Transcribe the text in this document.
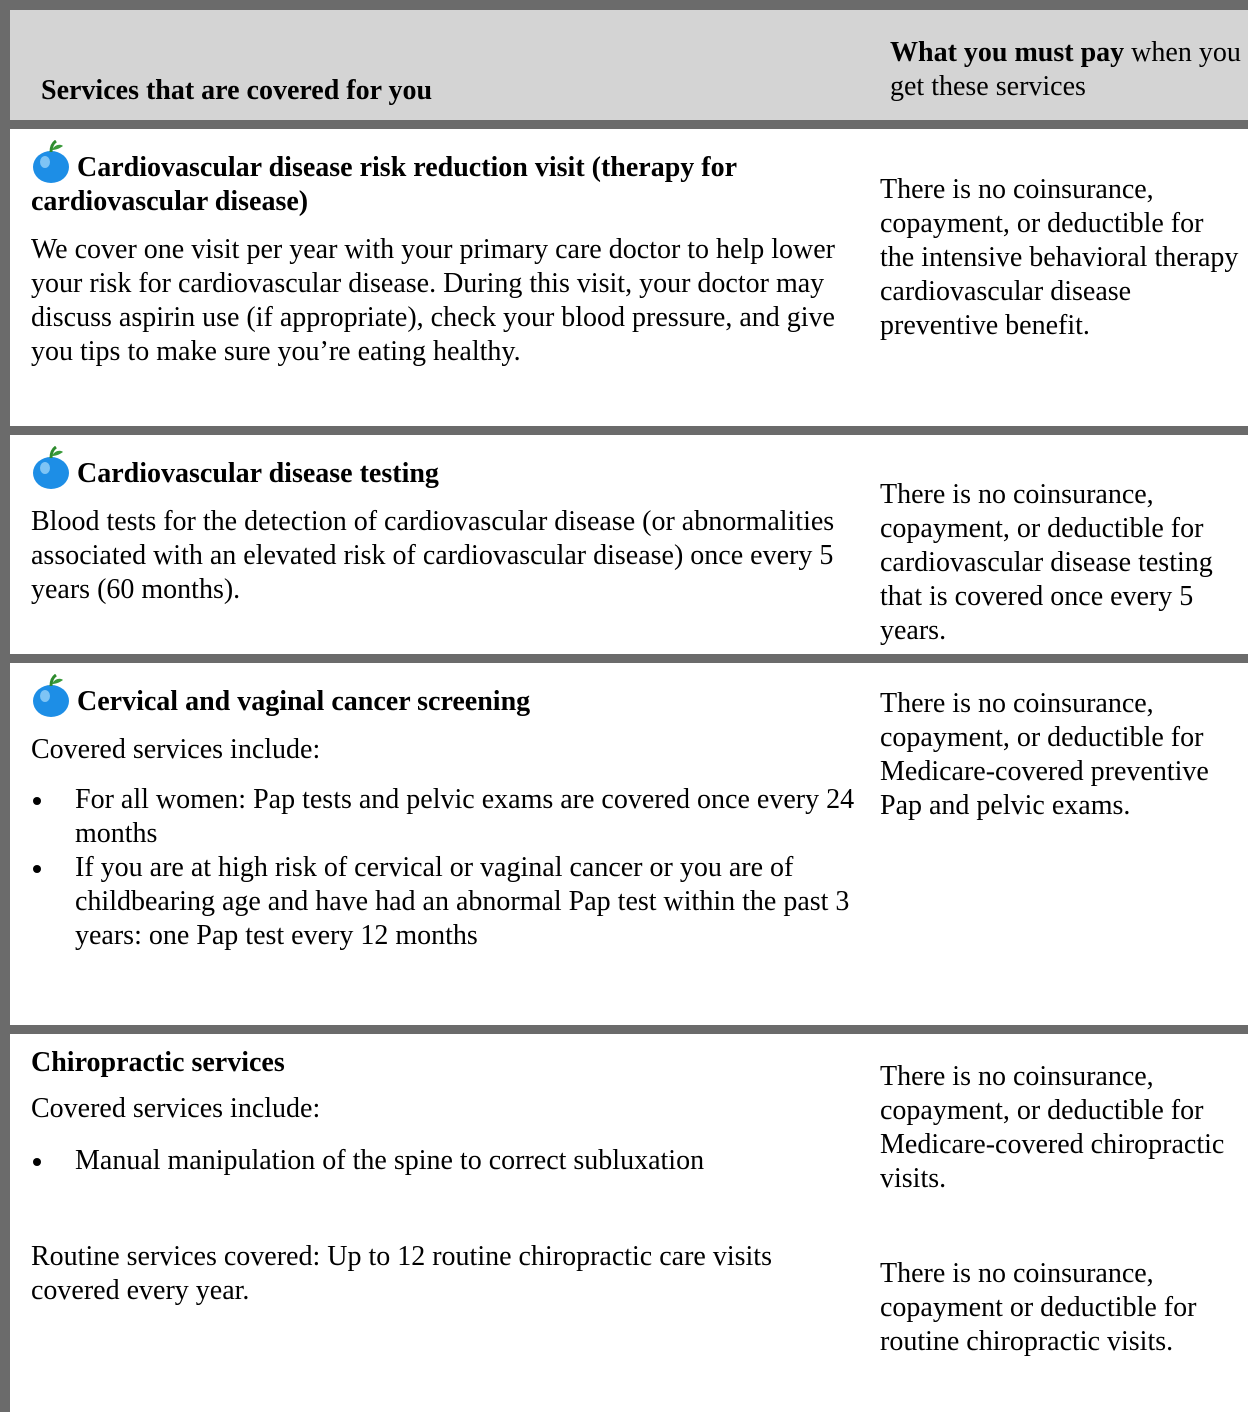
Services that are covered for you
What you must pay when you get these services
Cardiovascular disease risk reduction visit (therapy for cardiovascular disease)
We cover one visit per year with your primary care doctor to help lower your risk for cardiovascular disease. During this visit, your doctor may discuss aspirin use (if appropriate), check your blood pressure, and give you tips to make sure you’re eating healthy.
There is no coinsurance, copayment, or deductible for the intensive behavioral therapy cardiovascular disease preventive benefit.
Cardiovascular disease testing
Blood tests for the detection of cardiovascular disease (or abnormalities associated with an elevated risk of cardiovascular disease) once every 5 years (60 months).
There is no coinsurance, copayment, or deductible for cardiovascular disease testing that is covered once every 5 years.
Cervical and vaginal cancer screening
Covered services include:
For all women: Pap tests and pelvic exams are covered once every 24 months
If you are at high risk of cervical or vaginal cancer or you are of childbearing age and have had an abnormal Pap test within the past 3 years: one Pap test every 12 months
There is no coinsurance, copayment, or deductible for Medicare-covered preventive Pap and pelvic exams.
Chiropractic services
Covered services include:
Manual manipulation of the spine to correct subluxation
There is no coinsurance, copayment, or deductible for Medicare-covered chiropractic visits.
Routine services covered: Up to 12 routine chiropractic care visits covered every year.
There is no coinsurance, copayment or deductible for routine chiropractic visits.
